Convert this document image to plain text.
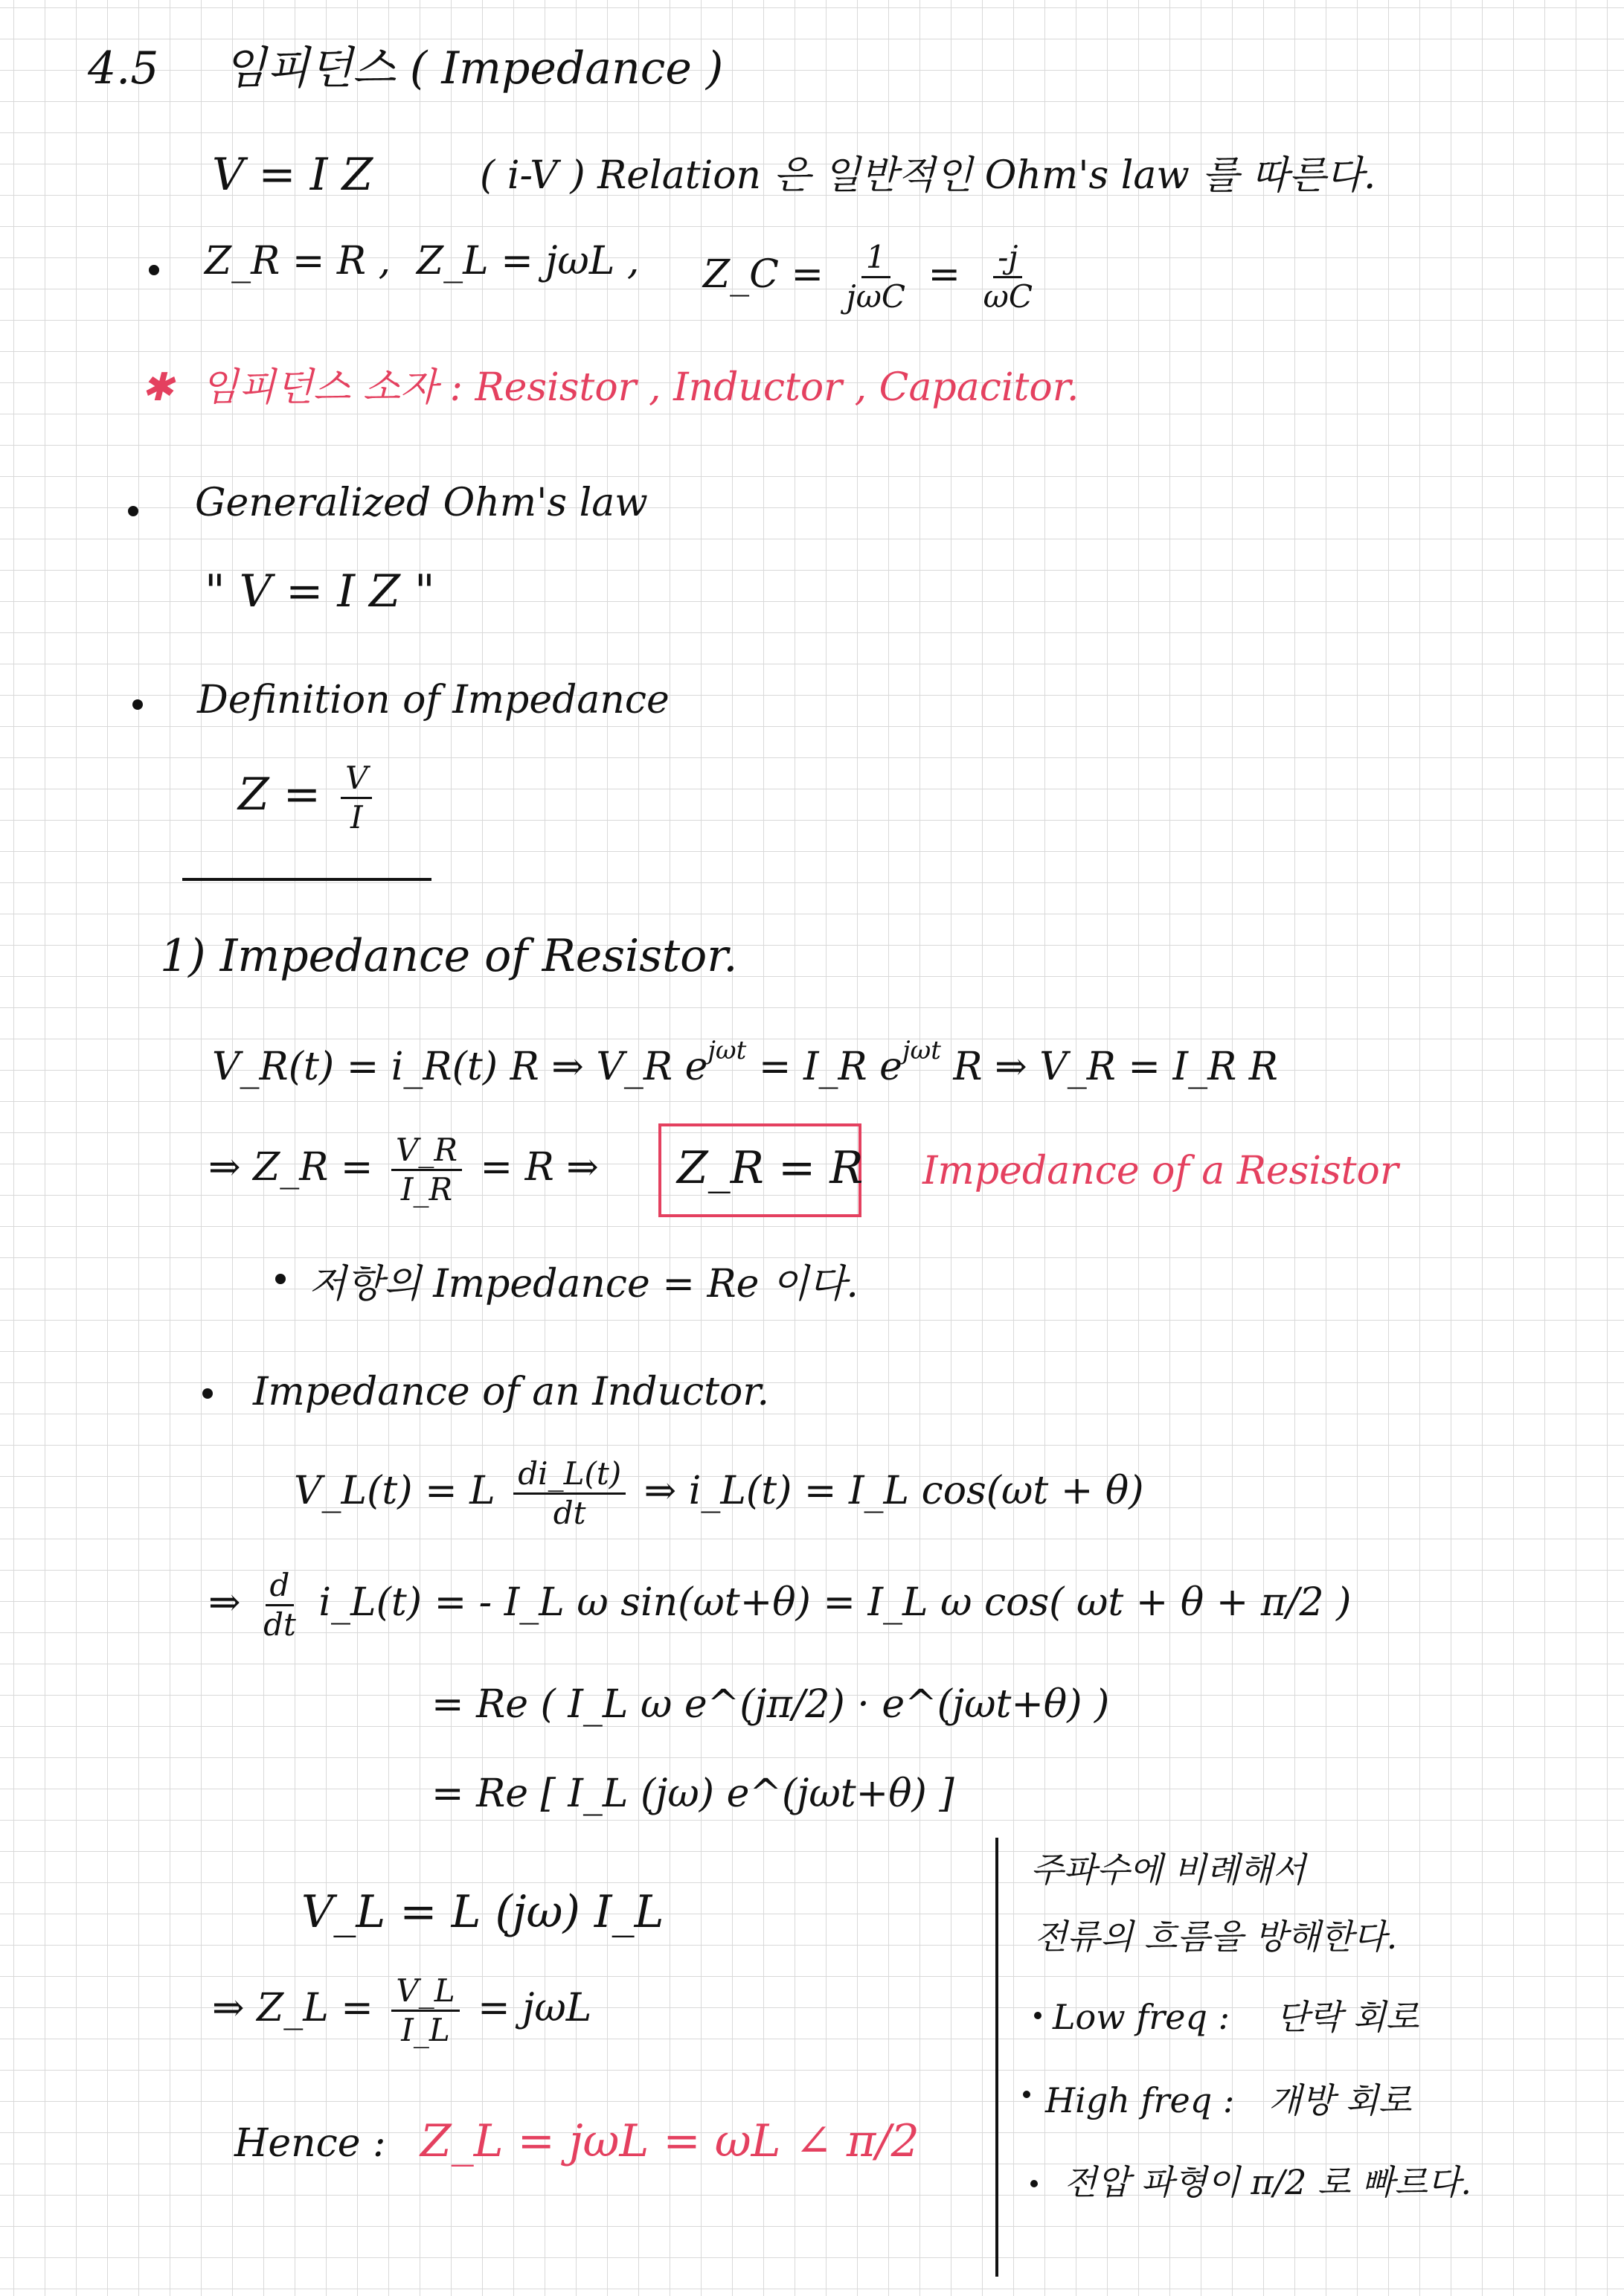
4.5 임피던스 ( Impedance )
V = I Z	( i-V ) Relation 은 일반적인 Ohm's law 를 따른다.
Z_R = R , Z_L = jωL , Z_C = $\frac{1}{\text{jωC}} = \frac{-j}{\omega C}$
✱ 임피던스 소자 : Resistor , Inductor , Capacitor.
Generalized Ohm's law
" V = I Z "
Definition of Impedance
$Z = \frac{V}{I}$
1) Impedance of Resistor.
V_R(t) = i_R(t) R ⇒ V_R $e^{j\omega t}$ = I_R $e^{j\omega t}$ R ⇒ V_R = I_R R
⇒ Z_R = $\frac{V\_R}{I\_R} = R$ ⇒ Z_R = R Impedance of a Resistor
저항의 Impedance = Re 이다.
Impedance of an Inductor.
V_L(t) = L $\frac{di\_L(t)}{dt}$ ⇒ i_L(t) = I_L cos(ωt + θ)
⇒ $\frac{d}{dt}$ i_L(t) = - I_L ω sin(ωt+θ) = I_L ω cos( ωt + θ + π/2 )
= Re ( I_L ω e^(jπ/2) · e^(jωt+θ) )
= Re [ I_L (jω) e^(jωt+θ) ]
V_L = L (jω) I_L
⇒ Z_L = $\frac{V\_L}{I\_L} = j\omega L$
Hence : Z_L = jωL = ωL ∠ π/2
주파수에 비례해서
전류의 흐름을 방해한다.
Low freq : 단락 회로
High freq : 개방 회로
전압 파형이 π/2 로 빠르다.
